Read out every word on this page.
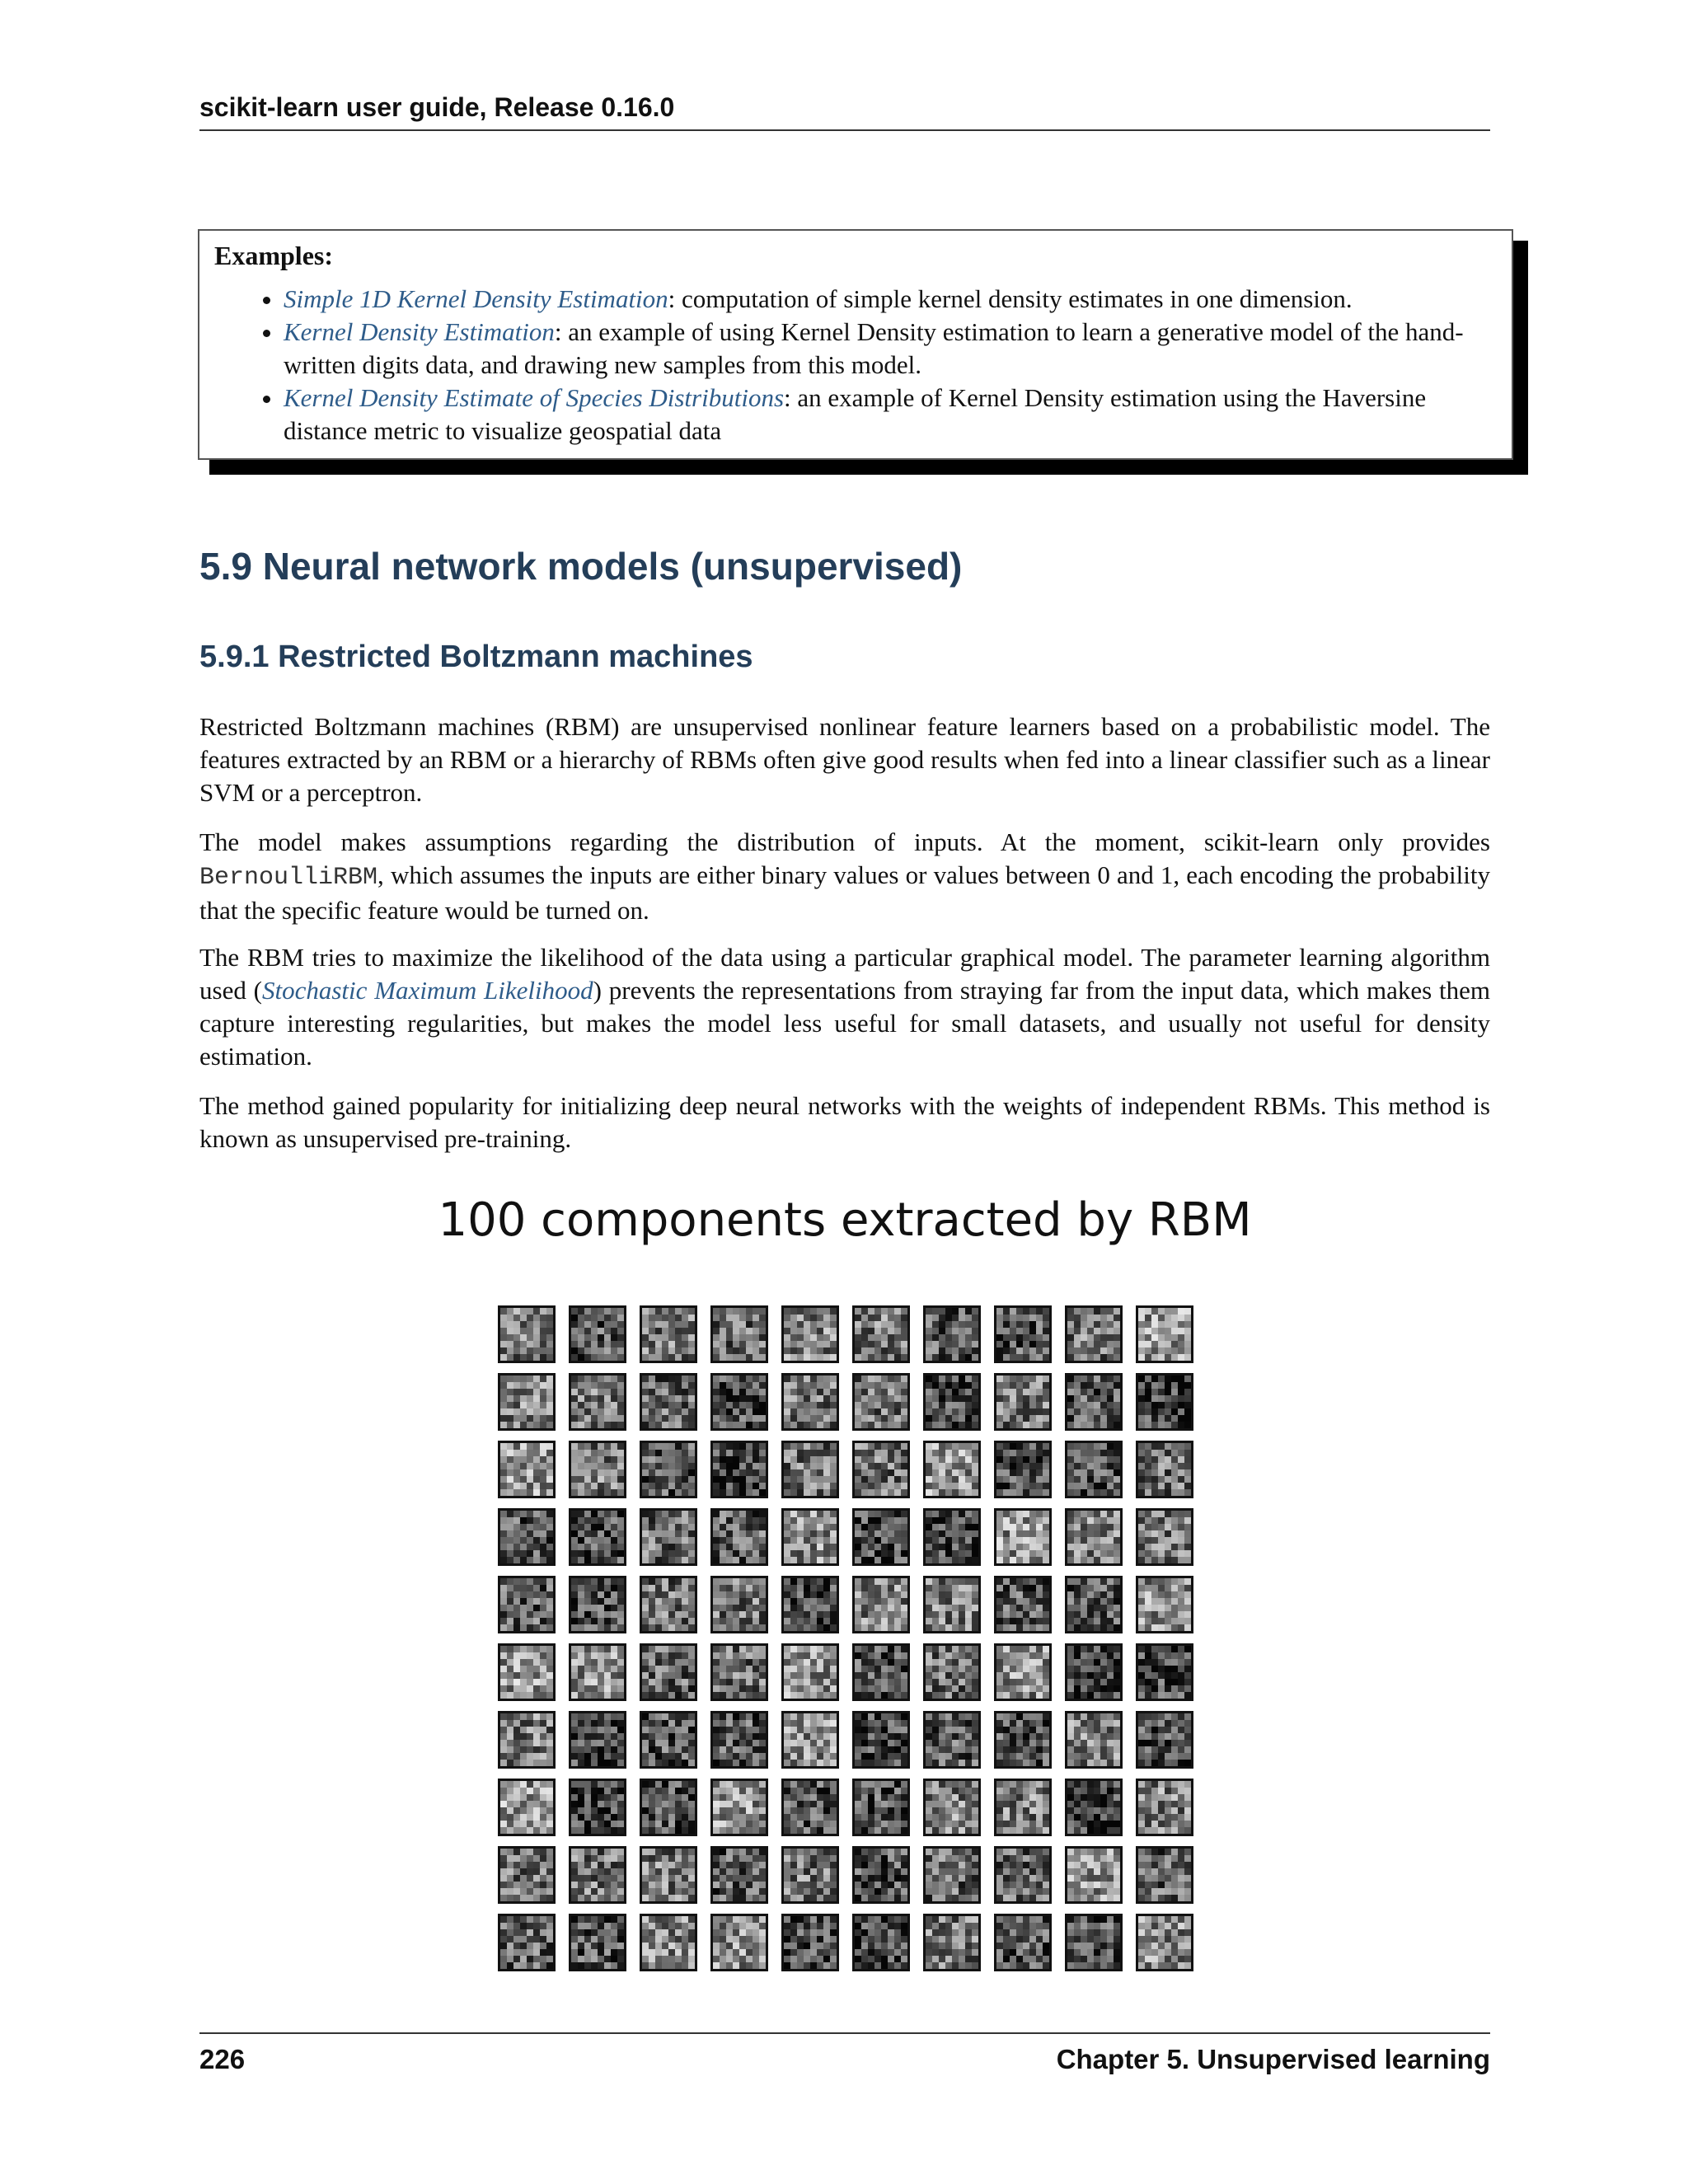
scikit-learn user guide, Release 0.16.0
Examples:
• Simple 1D Kernel Density Estimation: computation of simple kernel density estimates in one dimension.
• Kernel Density Estimation: an example of using Kernel Density estimation to learn a generative model of the hand-written digits data, and drawing new samples from this model.
• Kernel Density Estimate of Species Distributions: an example of Kernel Density estimation using the Haversine distance metric to visualize geospatial data
5.9 Neural network models (unsupervised)
5.9.1 Restricted Boltzmann machines

Restricted Boltzmann machines (RBM) are unsupervised nonlinear feature learners based on a probabilistic model. The features extracted by an RBM or a hierarchy of RBMs often give good results when fed into a linear classifier such as a linear SVM or a perceptron.

The model makes assumptions regarding the distribution of inputs. At the moment, scikit-learn only provides BernoulliRBM, which assumes the inputs are either binary values or values between 0 and 1, each encoding the probability that the specific feature would be turned on.

The RBM tries to maximize the likelihood of the data using a particular graphical model. The parameter learning algorithm used (Stochastic Maximum Likelihood) prevents the representations from straying far from the input data, which makes them capture interesting regularities, but makes the model less useful for small datasets, and usually not useful for density estimation.

The method gained popularity for initializing deep neural networks with the weights of independent RBMs. This method is known as unsupervised pre-training.

100 components extracted by RBM
226	Chapter 5. Unsupervised learning
